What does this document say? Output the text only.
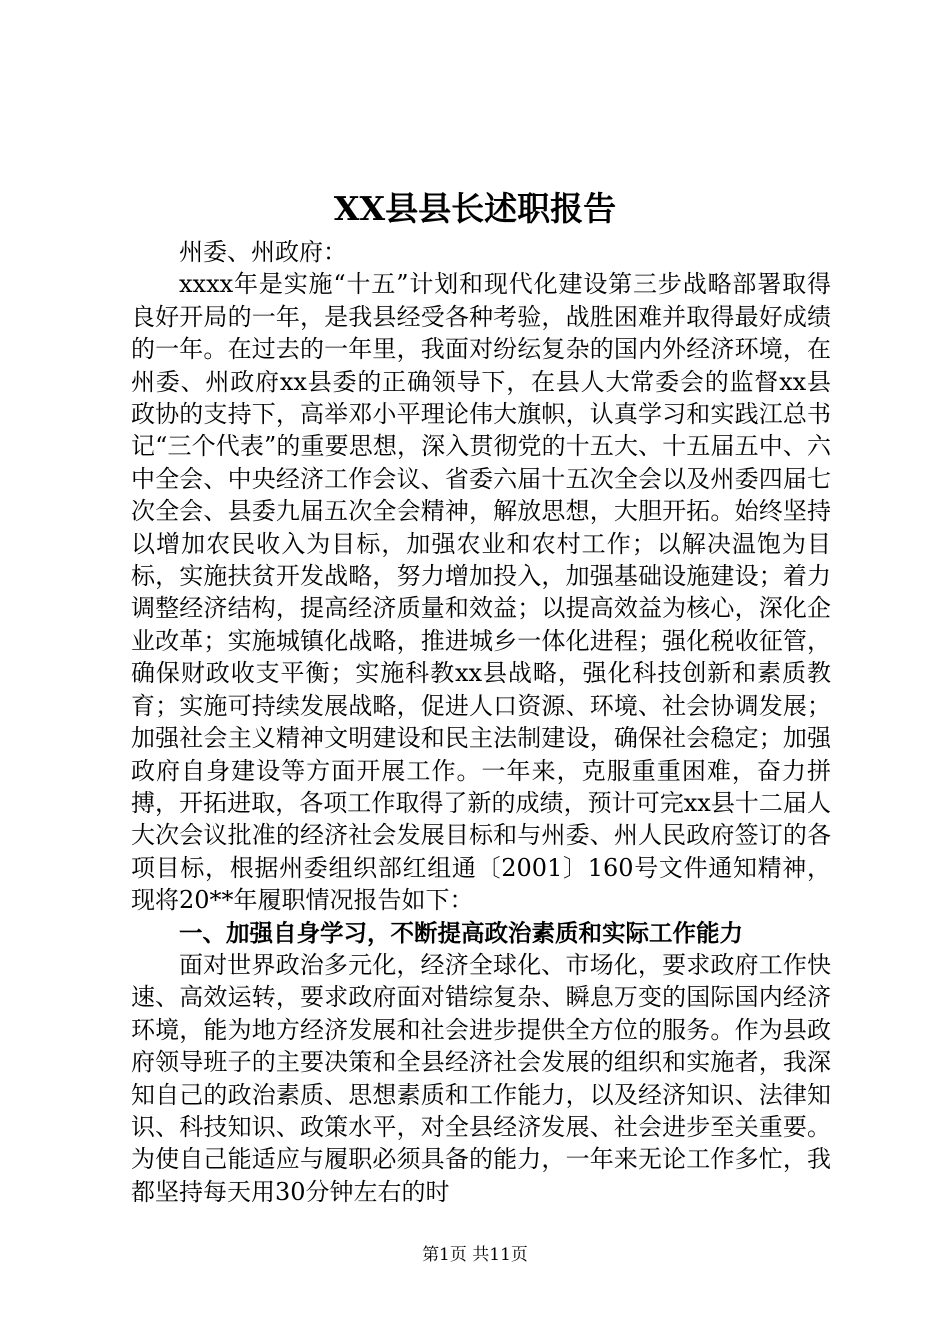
XX县县长述职报告

州委、州政府：

xxxx年是实施“十五”计划和现代化建设第三步战略部署取得良好开局的一年，是我县经受各种考验，战胜困难并取得最好成绩的一年。在过去的一年里，我面对纷纭复杂的国内外经济环境，在州委、州政府xx县委的正确领导下，在县人大常委会的监督xx县政协的支持下，高举邓小平理论伟大旗帜，认真学习和实践江总书记“三个代表”的重要思想，深入贯彻党的十五大、十五届五中、六中全会、中央经济工作会议、省委六届十五次全会以及州委四届七次全会、县委九届五次全会精神，解放思想，大胆开拓。始终坚持以增加农民收入为目标，加强农业和农村工作；以解决温饱为目标，实施扶贫开发战略，努力增加投入，加强基础设施建设；着力调整经济结构，提高经济质量和效益；以提高效益为核心，深化企业改革；实施城镇化战略，推进城乡一体化进程；强化税收征管，确保财政收支平衡；实施科教xx县战略，强化科技创新和素质教育；实施可持续发展战略，促进人口资源、环境、社会协调发展；加强社会主义精神文明建设和民主法制建设，确保社会稳定；加强政府自身建设等方面开展工作。一年来，克服重重困难，奋力拼搏，开拓进取，各项工作取得了新的成绩，预计可完xx县十二届人大次会议批准的经济社会发展目标和与州委、州人民政府签订的各项目标，根据州委组织部红组通〔2001〕160号文件通知精神，现将20**年履职情况报告如下：

一、加强自身学习，不断提高政治素质和实际工作能力

面对世界政治多元化，经济全球化、市场化，要求政府工作快速、高效运转，要求政府面对错综复杂、瞬息万变的国际国内经济环境，能为地方经济发展和社会进步提供全方位的服务。作为县政府领导班子的主要决策和全县经济社会发展的组织和实施者，我深知自己的政治素质、思想素质和工作能力，以及经济知识、法律知识、科技知识、政策水平，对全县经济发展、社会进步至关重要。为使自己能适应与履职必须具备的能力，一年来无论工作多忙，我都坚持每天用30分钟左右的时

第1页 共11页
